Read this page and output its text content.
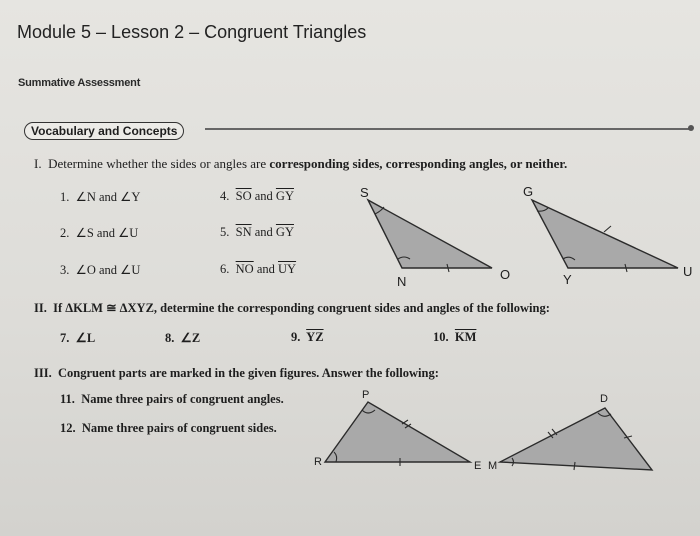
Module 5 – Lesson 2 – Congruent Triangles
Summative Assessment
Vocabulary and Concepts
I. Determine whether the sides or angles are corresponding sides, corresponding angles, or neither.
1. ∠N and ∠Y
2. ∠S and ∠U
3. ∠O and ∠U
4. $\overline{SO}$ and $\overline{GY}$
5. $\overline{SN}$ and $\overline{GY}$
6. $\overline{NO}$ and $\overline{UY}$
II. If ΔKLM ≅ ΔXYZ, determine the corresponding congruent sides and angles of the following:
7. ∠L	8. ∠Z	9. $\overline{YZ}$	10. $\overline{KM}$
III. Congruent parts are marked in the given figures. Answer the following:
11. Name three pairs of congruent angles.
12. Name three pairs of congruent sides.
S
N	O
G
Y
U
P
R	E M
D
